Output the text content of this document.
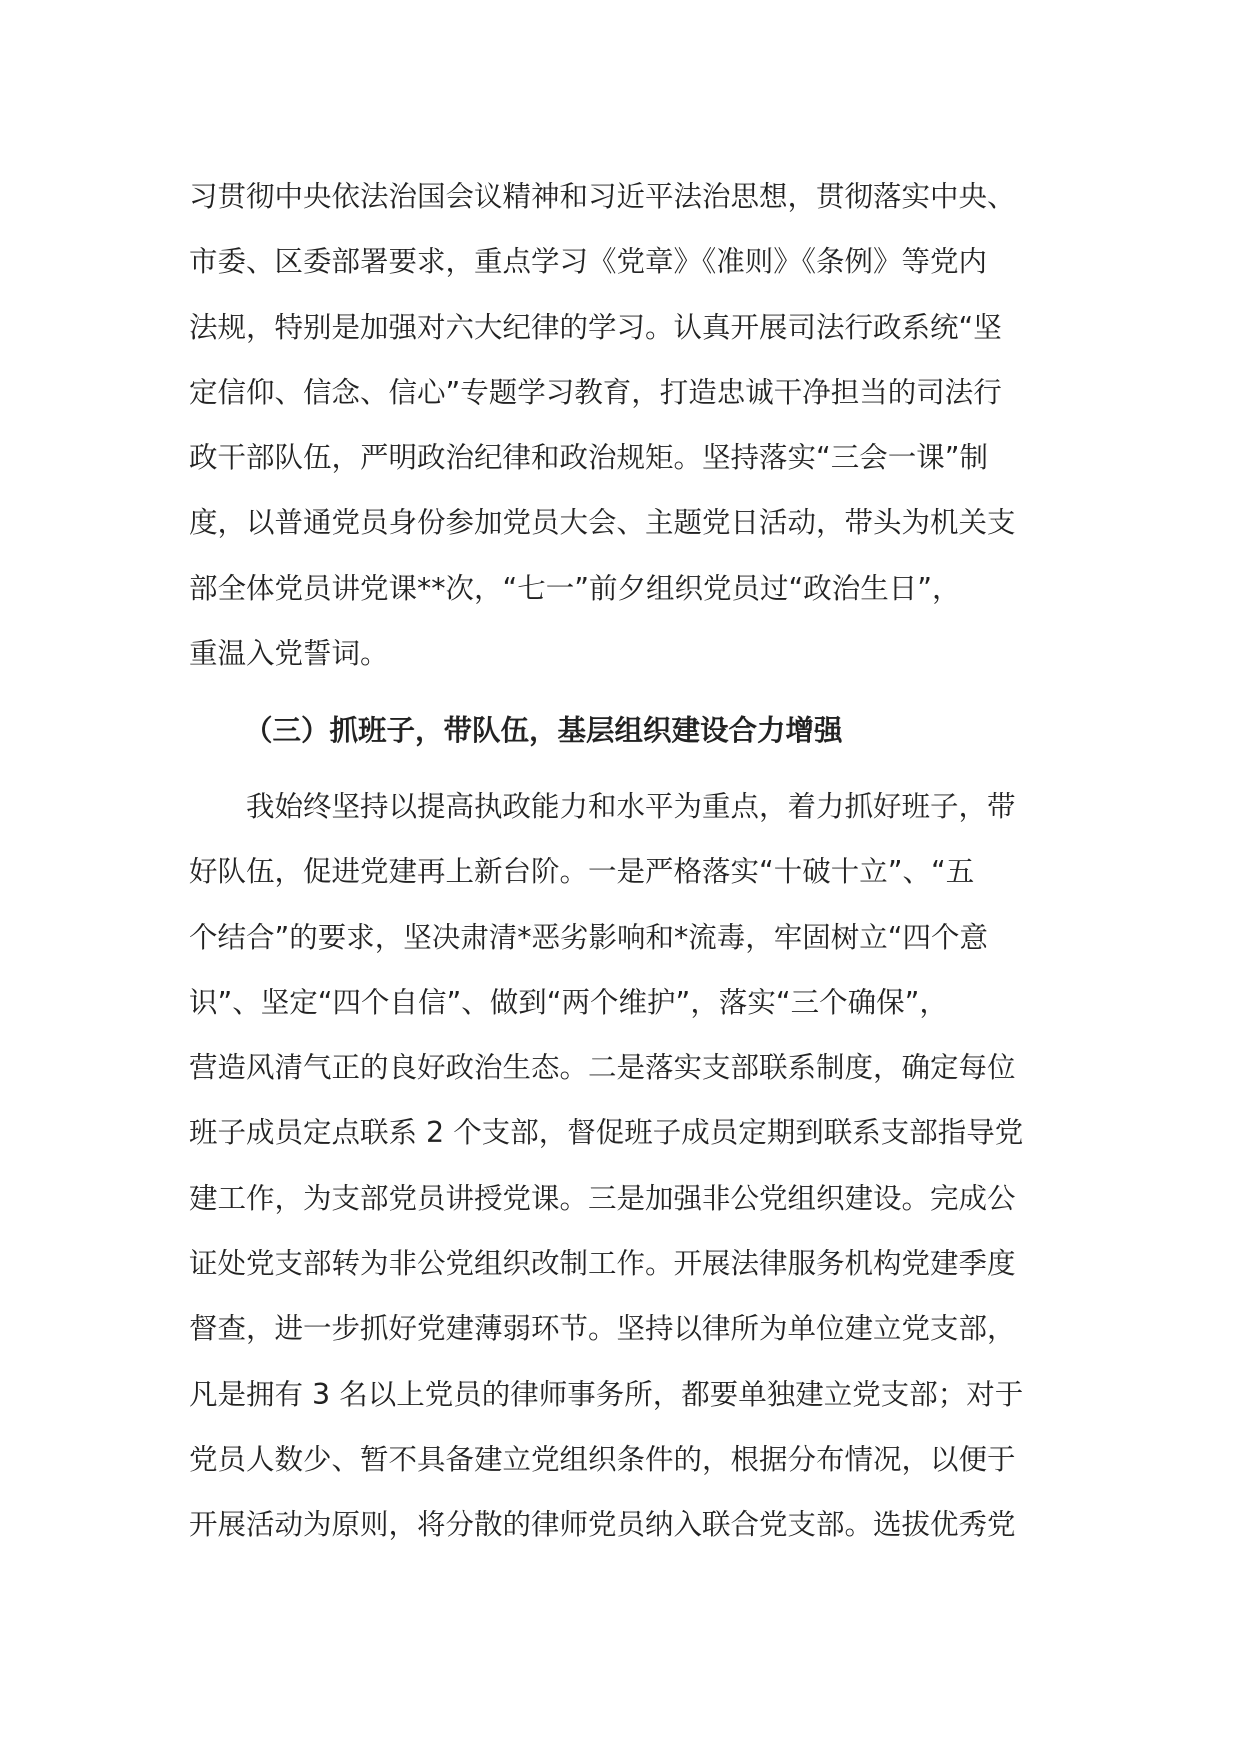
习贯彻中央依法治国会议精神和习近平法治思想，贯彻落实中央、
市委、区委部署要求，重点学习《党章》《准则》《条例》等党内
法规，特别是加强对六大纪律的学习。认真开展司法行政系统“坚
定信仰、信念、信心”专题学习教育，打造忠诚干净担当的司法行
政干部队伍，严明政治纪律和政治规矩。坚持落实“三会一课”制
度，以普通党员身份参加党员大会、主题党日活动，带头为机关支
部全体党员讲党课**次，“七一”前夕组织党员过“政治生日”，
重温入党誓词。
（三）抓班子，带队伍，基层组织建设合力增强
　　我始终坚持以提高执政能力和水平为重点，着力抓好班子，带
好队伍，促进党建再上新台阶。一是严格落实“十破十立”、“五
个结合”的要求，坚决肃清*恶劣影响和*流毒，牢固树立“四个意
识”、坚定“四个自信”、做到“两个维护”，落实“三个确保”，
营造风清气正的良好政治生态。二是落实支部联系制度，确定每位
班子成员定点联系 2 个支部，督促班子成员定期到联系支部指导党
建工作，为支部党员讲授党课。三是加强非公党组织建设。完成公
证处党支部转为非公党组织改制工作。开展法律服务机构党建季度
督查，进一步抓好党建薄弱环节。坚持以律所为单位建立党支部，
凡是拥有 3 名以上党员的律师事务所，都要单独建立党支部；对于
党员人数少、暂不具备建立党组织条件的，根据分布情况，以便于
开展活动为原则，将分散的律师党员纳入联合党支部。选拔优秀党
